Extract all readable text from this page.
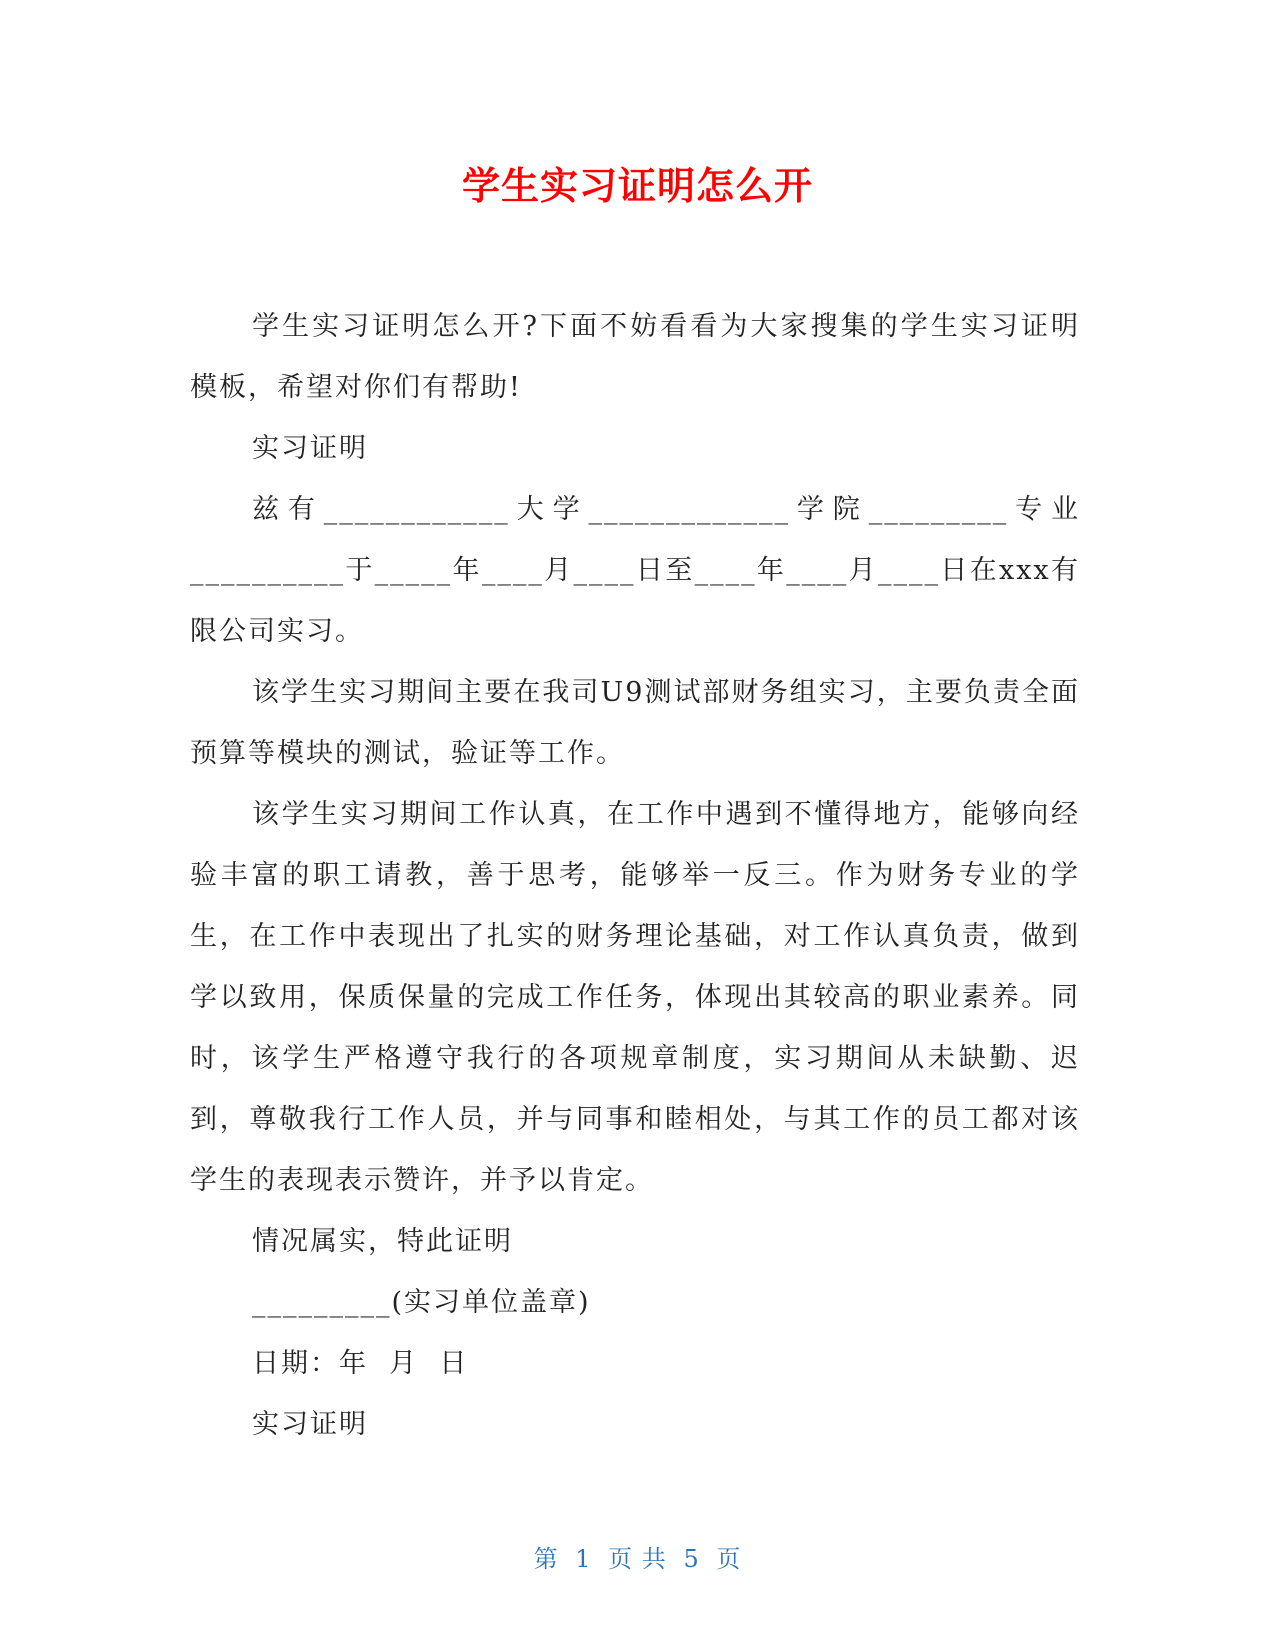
学生实习证明怎么开

学生实习证明怎么开?下面不妨看看为大家搜集的学生实习证明模板，希望对你们有帮助!

实习证明

兹有____________大学_____________学院_________专业__________于_____年____月____日至____年____月____日在xxx有限公司实习。

该学生实习期间主要在我司U9测试部财务组实习，主要负责全面预算等模块的测试，验证等工作。

该学生实习期间工作认真，在工作中遇到不懂得地方，能够向经验丰富的职工请教，善于思考，能够举一反三。作为财务专业的学生，在工作中表现出了扎实的财务理论基础，对工作认真负责，做到学以致用，保质保量的完成工作任务，体现出其较高的职业素养。同时，该学生严格遵守我行的各项规章制度，实习期间从未缺勤、迟到，尊敬我行工作人员，并与同事和睦相处，与其工作的员工都对该学生的表现表示赞许，并予以肯定。

情况属实，特此证明

_________(实习单位盖章)

日期：年  月  日

实习证明

第 1 页 共 5 页
